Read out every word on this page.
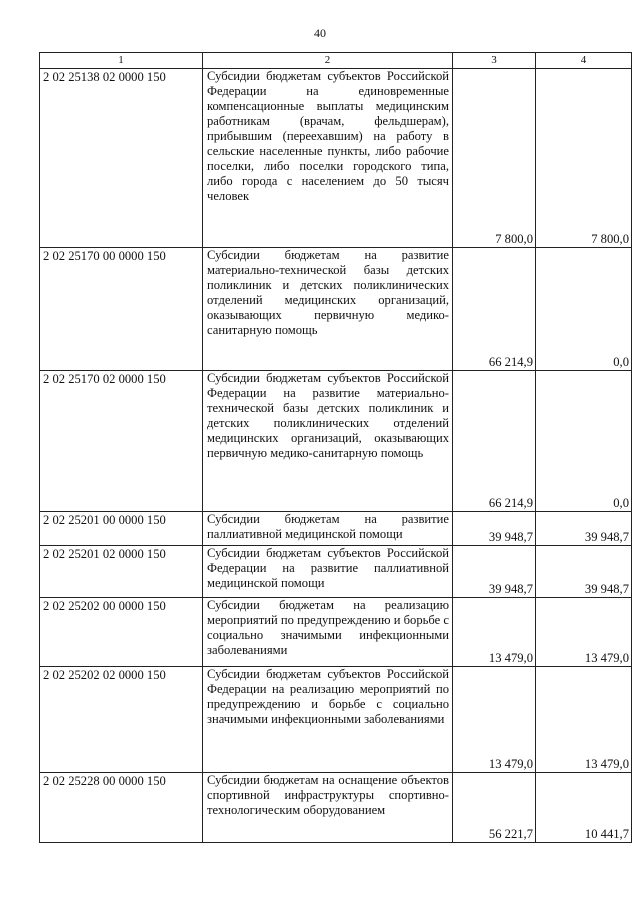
40
1	2	3	4
2 02 25138 02 0000 150	Субсидии бюджетам субъектов Российской Федерации на единовременные компенсационные выплаты медицинским работникам (врачам, фельдшерам), прибывшим (переехавшим) на работу в сельские населенные пункты, либо рабочие поселки, либо поселки городского типа, либо города с населением до 50 тысяч человек	7 800,0	7 800,0
2 02 25170 00 0000 150	Субсидии бюджетам на развитие материально-технической базы детских поликлиник и детских поликлинических отделений медицинских организаций, оказывающих первичную медико-санитарную помощь	66 214,9	0,0
2 02 25170 02 0000 150	Субсидии бюджетам субъектов Российской Федерации на развитие материально-технической базы детских поликлиник и детских поликлинических отделений медицинских организаций, оказывающих первичную медико-санитарную помощь	66 214,9	0,0
2 02 25201 00 0000 150	Субсидии бюджетам на развитие паллиативной медицинской помощи	39 948,7	39 948,7
2 02 25201 02 0000 150	Субсидии бюджетам субъектов Российской Федерации на развитие паллиативной медицинской помощи	39 948,7	39 948,7
2 02 25202 00 0000 150	Субсидии бюджетам на реализацию мероприятий по предупреждению и борьбе с социально значимыми инфекционными заболеваниями	13 479,0	13 479,0
2 02 25202 02 0000 150	Субсидии бюджетам субъектов Российской Федерации на реализацию мероприятий по предупреждению и борьбе с социально значимыми инфекционными заболеваниями	13 479,0	13 479,0
2 02 25228 00 0000 150	Субсидии бюджетам на оснащение объектов спортивной инфраструктуры спортивно-технологическим оборудованием	56 221,7	10 441,7
